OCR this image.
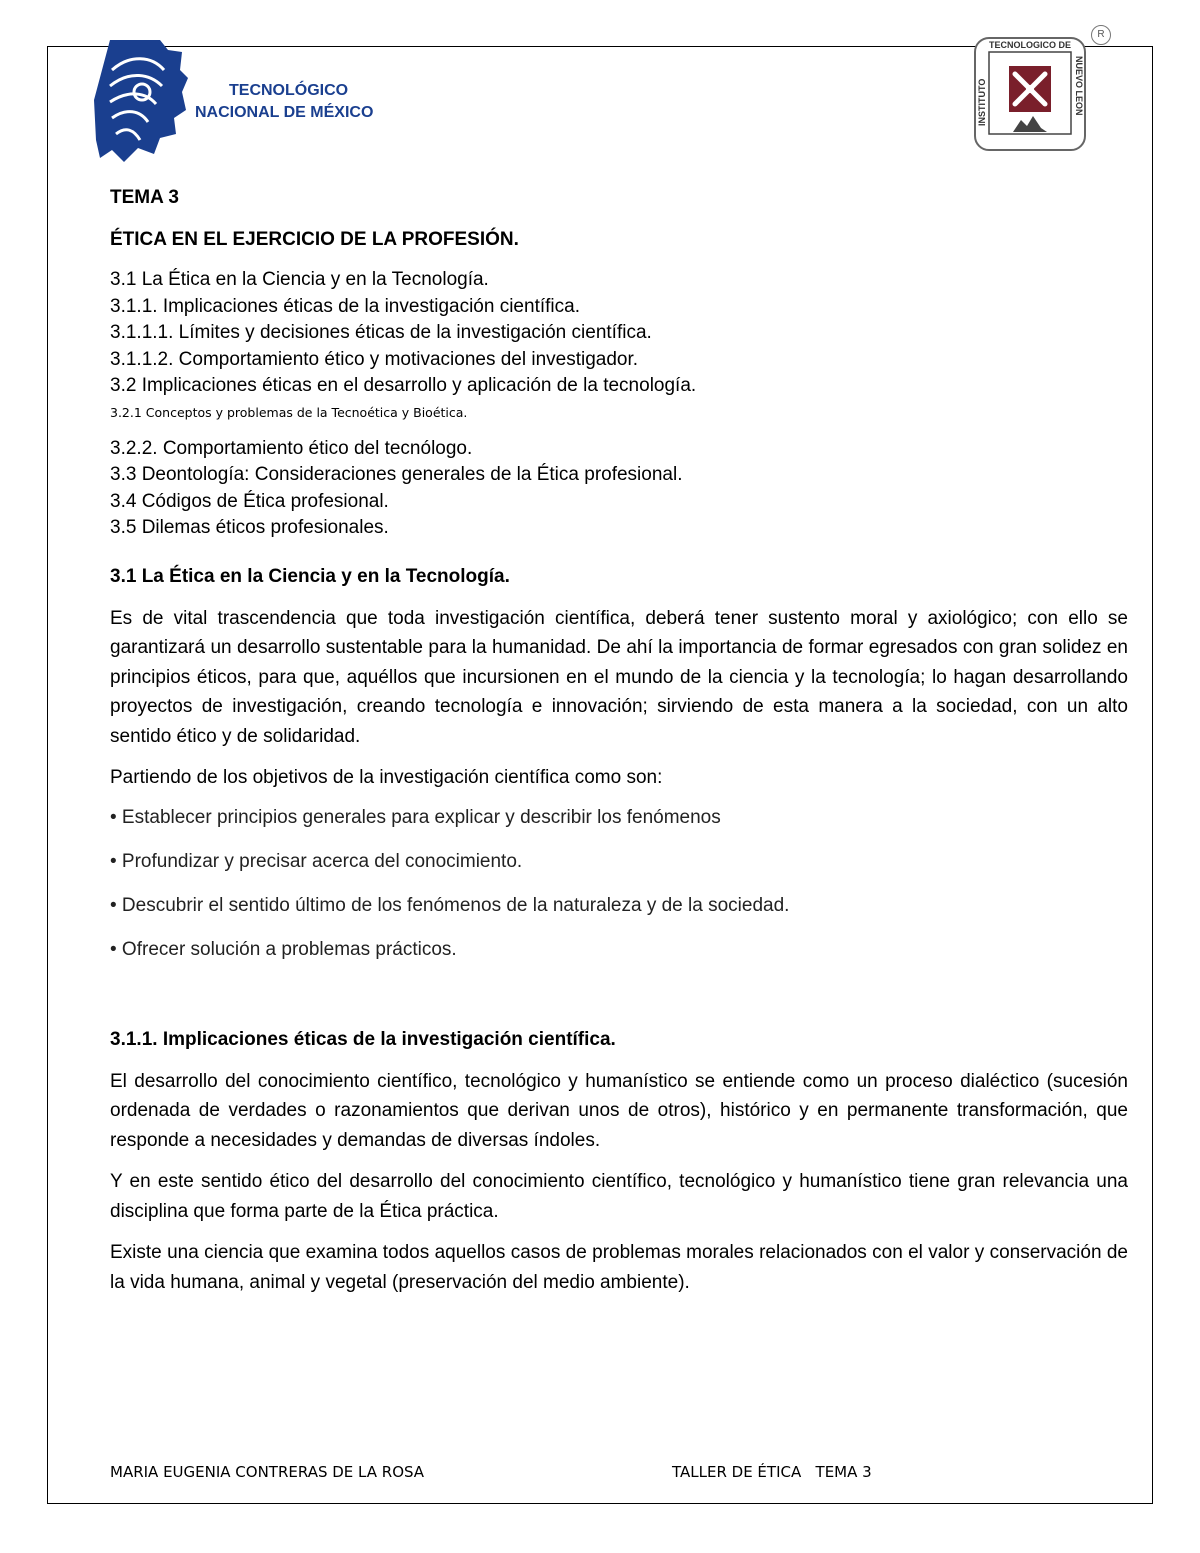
TECNOLÓGICO
NACIONAL DE MÉXICO
TECNOLOGICO DE
INSTITUTO	NUEVO LEON
R
TEMA 3
ÉTICA EN EL EJERCICIO DE LA PROFESIÓN.
3.1 La Ética en la Ciencia y en la Tecnología.
3.1.1. Implicaciones éticas de la investigación científica.
3.1.1.1. Límites y decisiones éticas de la investigación científica.
3.1.1.2. Comportamiento ético y motivaciones del investigador.
3.2 Implicaciones éticas en el desarrollo y aplicación de la tecnología.
3.2.1 Conceptos y problemas de la Tecnoética y Bioética.
3.2.2. Comportamiento ético del tecnólogo.
3.3 Deontología: Consideraciones generales de la Ética profesional.
3.4 Códigos de Ética profesional.
3.5 Dilemas éticos profesionales.
3.1 La Ética en la Ciencia y en la Tecnología.

Es de vital trascendencia que toda investigación científica, deberá tener sustento moral y axiológico; con ello se garantizará un desarrollo sustentable para la humanidad. De ahí la importancia de formar egresados con gran solidez en principios éticos, para que, aquéllos que incursionen en el mundo de la ciencia y la tecnología; lo hagan desarrollando proyectos de investigación, creando tecnología e innovación; sirviendo de esta manera a la sociedad, con un alto sentido ético y de solidaridad.

Partiendo de los objetivos de la investigación científica como son:

• Establecer principios generales para explicar y describir los fenómenos
• Profundizar y precisar acerca del conocimiento.
• Descubrir el sentido último de los fenómenos de la naturaleza y de la sociedad.
• Ofrecer solución a problemas prácticos.
3.1.1. Implicaciones éticas de la investigación científica.

El desarrollo del conocimiento científico, tecnológico y humanístico se entiende como un proceso dialéctico (sucesión ordenada de verdades o razonamientos que derivan unos de otros), histórico y en permanente transformación, que responde a necesidades y demandas de diversas índoles.

Y en este sentido ético del desarrollo del conocimiento científico, tecnológico y humanístico tiene gran relevancia una disciplina que forma parte de la Ética práctica.

Existe una ciencia que examina todos aquellos casos de problemas morales relacionados con el valor y conservación de la vida humana, animal y vegetal (preservación del medio ambiente).

MARIA EUGENIA CONTRERAS DE LA ROSA	TALLER DE ÉTICA   TEMA 3
